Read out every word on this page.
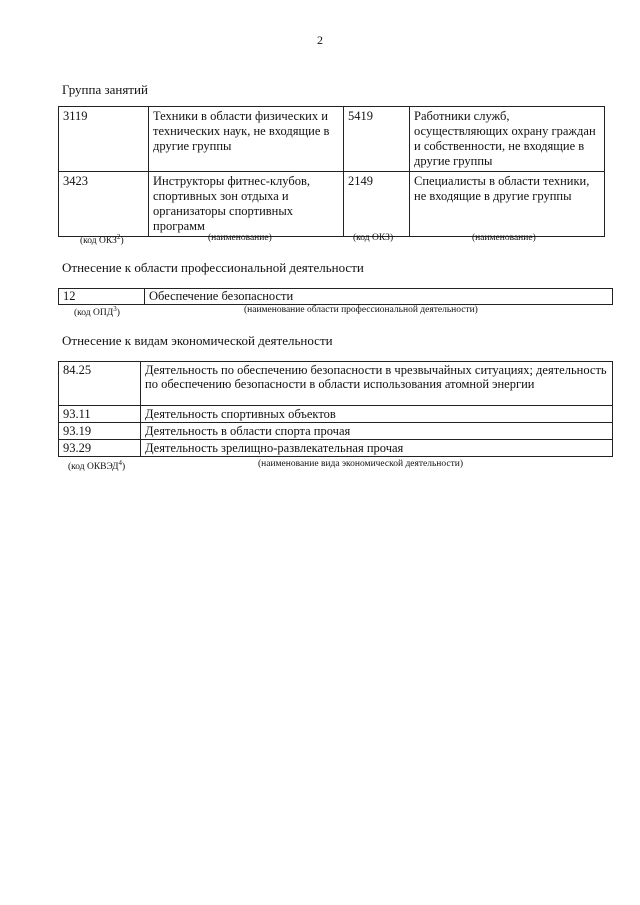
2
Группа занятий
3119	Техники в области физических и технических наук, не входящие в другие группы	5419	Работники служб, осуществляющих охрану граждан и собственности, не входящие в другие группы
3423	Инструкторы фитнес-клубов, спортивных зон отдыха и организаторы спортивных программ	2149	Специалисты в области техники, не входящие в другие группы
(код ОКЗ$^2$)	(наименование)	(код ОКЗ)	(наименование)
Отнесение к области профессиональной деятельности
12	Обеспечение безопасности
(код ОПД$^3$)	(наименование области профессиональной деятельности)
Отнесение к видам экономической деятельности
84.25	Деятельность по обеспечению безопасности в чрезвычайных ситуациях; деятельность по обеспечению безопасности в области использования атомной энергии
93.11	Деятельность спортивных объектов
93.19	Деятельность в области спорта прочая
93.29	Деятельность зрелищно-развлекательная прочая
(код ОКВЭД$^4$)	(наименование вида экономической деятельности)
